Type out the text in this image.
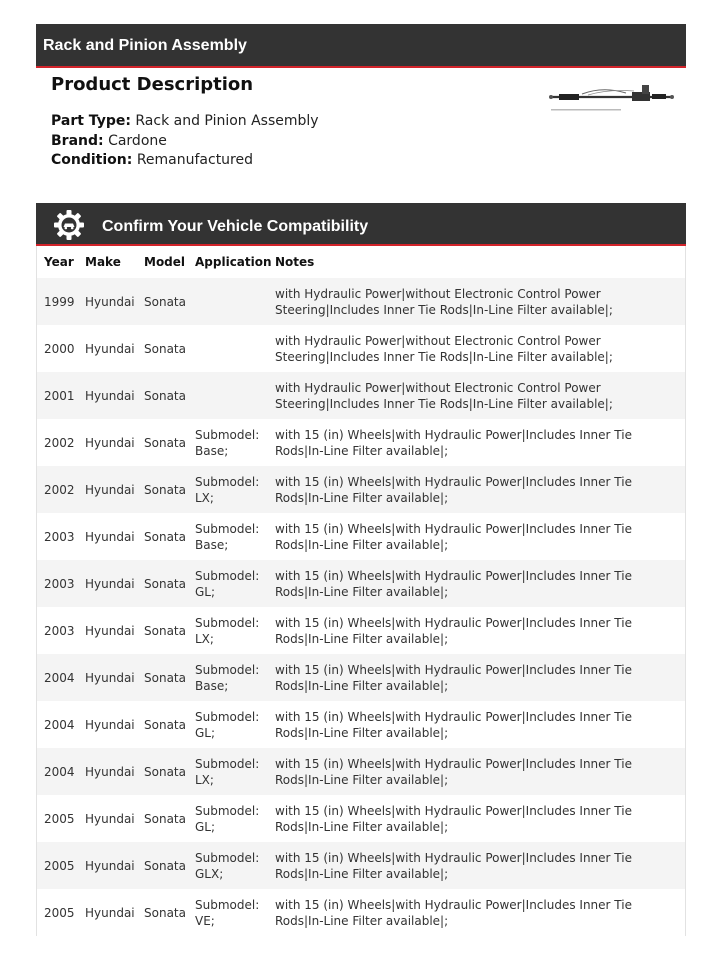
Rack and Pinion Assembly
Product Description
Part Type: Rack and Pinion Assembly
Brand: Cardone
Condition: Remanufactured
Confirm Your Vehicle Compatibility
Year	Make	Model	Application	Notes
1999	Hyundai	Sonata		with Hydraulic Power|without Electronic Control Power Steering|Includes Inner Tie Rods|In-Line Filter available|;
2000	Hyundai	Sonata		with Hydraulic Power|without Electronic Control Power Steering|Includes Inner Tie Rods|In-Line Filter available|;
2001	Hyundai	Sonata		with Hydraulic Power|without Electronic Control Power Steering|Includes Inner Tie Rods|In-Line Filter available|;
2002	Hyundai	Sonata	Submodel: Base;	with 15 (in) Wheels|with Hydraulic Power|Includes Inner Tie Rods|In-Line Filter available|;
2002	Hyundai	Sonata	Submodel: LX;	with 15 (in) Wheels|with Hydraulic Power|Includes Inner Tie Rods|In-Line Filter available|;
2003	Hyundai	Sonata	Submodel: Base;	with 15 (in) Wheels|with Hydraulic Power|Includes Inner Tie Rods|In-Line Filter available|;
2003	Hyundai	Sonata	Submodel: GL;	with 15 (in) Wheels|with Hydraulic Power|Includes Inner Tie Rods|In-Line Filter available|;
2003	Hyundai	Sonata	Submodel: LX;	with 15 (in) Wheels|with Hydraulic Power|Includes Inner Tie Rods|In-Line Filter available|;
2004	Hyundai	Sonata	Submodel: Base;	with 15 (in) Wheels|with Hydraulic Power|Includes Inner Tie Rods|In-Line Filter available|;
2004	Hyundai	Sonata	Submodel: GL;	with 15 (in) Wheels|with Hydraulic Power|Includes Inner Tie Rods|In-Line Filter available|;
2004	Hyundai	Sonata	Submodel: LX;	with 15 (in) Wheels|with Hydraulic Power|Includes Inner Tie Rods|In-Line Filter available|;
2005	Hyundai	Sonata	Submodel: GL;	with 15 (in) Wheels|with Hydraulic Power|Includes Inner Tie Rods|In-Line Filter available|;
2005	Hyundai	Sonata	Submodel: GLX;	with 15 (in) Wheels|with Hydraulic Power|Includes Inner Tie Rods|In-Line Filter available|;
2005	Hyundai	Sonata	Submodel: VE;	with 15 (in) Wheels|with Hydraulic Power|Includes Inner Tie Rods|In-Line Filter available|;
